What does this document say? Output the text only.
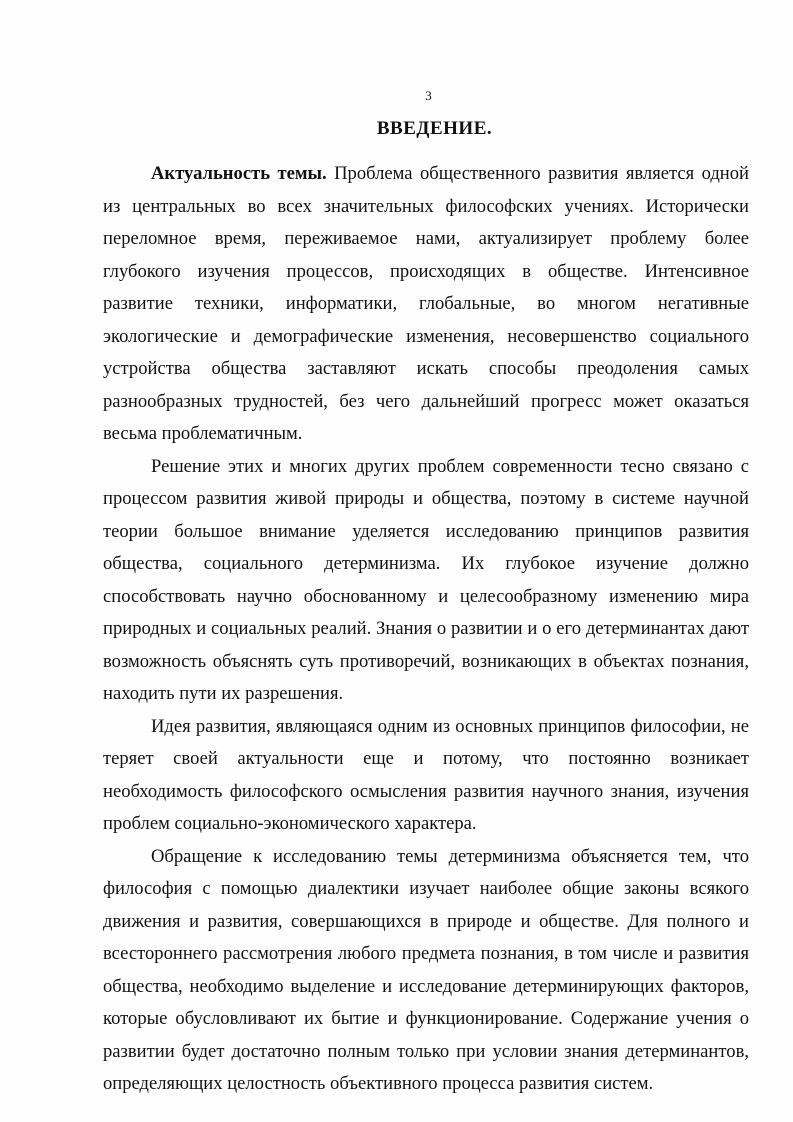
3
ВВЕДЕНИЕ.

Актуальность темы. Проблема общественного развития является одной из центральных во всех значительных философских учениях. Исторически переломное время, переживаемое нами, актуализирует проблему более глубокого изучения процессов, происходящих в обществе. Интенсивное развитие техники, информатики, глобальные, во многом негативные экологические и демографические изменения, несовершенство социального устройства общества заставляют искать способы преодоления самых разнообразных трудностей, без чего дальнейший прогресс может оказаться весьма проблематичным.

Решение этих и многих других проблем современности тесно связано с процессом развития живой природы и общества, поэтому в системе научной теории большое внимание уделяется исследованию принципов развития общества, социального детерминизма. Их глубокое изучение должно способствовать научно обоснованному и целесообразному изменению мира природных и социальных реалий. Знания о развитии и о его детерминантах дают возможность объяснять суть противоречий, возникающих в объектах познания, находить пути их разрешения.

Идея развития, являющаяся одним из основных принципов философии, не теряет своей актуальности еще и потому, что постоянно возникает необходимость философского осмысления развития научного знания, изучения проблем социально-экономического характера.

Обращение к исследованию темы детерминизма объясняется тем, что философия с помощью диалектики изучает наиболее общие законы всякого движения и развития, совершающихся в природе и обществе. Для полного и всестороннего рассмотрения любого предмета познания, в том числе и развития общества, необходимо выделение и исследование детерминирующих факторов, которые обусловливают их бытие и функционирование. Содержание учения о развитии будет достаточно полным только при условии знания детерминантов, определяющих целостность объективного процесса развития систем.
